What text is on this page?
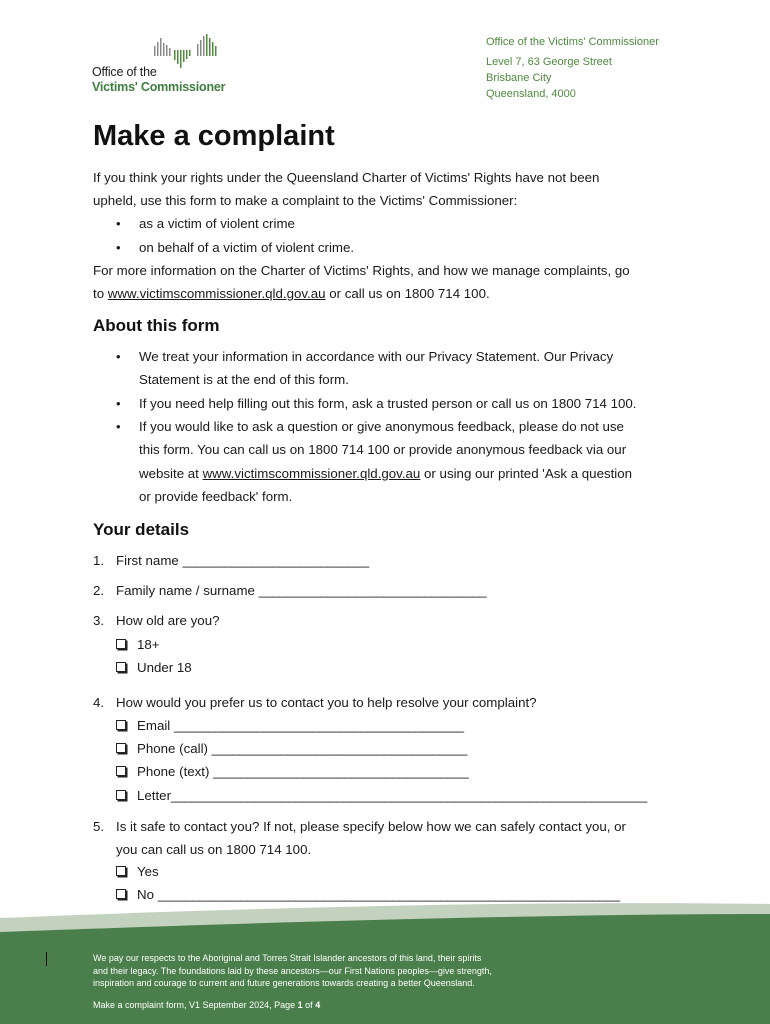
Office of the
Victims' Commissioner
Office of the Victims' Commissioner
Level 7, 63 George Street
Brisbane City
Queensland, 4000
Make a complaint

If you think your rights under the Queensland Charter of Victims' Rights have not been
upheld, use this form to make a complaint to the Victims' Commissioner:

• as a victim of violent crime

• on behalf of a victim of violent crime.

For more information on the Charter of Victims' Rights, and how we manage complaints, go
to www.victimscommissioner.qld.gov.au or call us on 1800 714 100.

About this form

• We treat your information in accordance with our Privacy Statement. Our Privacy
Statement is at the end of this form.

• If you need help filling out this form, ask a trusted person or call us on 1800 714 100.

• If you would like to ask a question or give anonymous feedback, please do not use
this form. You can call us on 1800 714 100 or provide anonymous feedback via our
website at www.victimscommissioner.qld.gov.au or using our printed 'Ask a question
or provide feedback' form.

Your details
1. First name ___________________________
2. Family name / surname _________________________________
3. How old are you?
18+
Under 18
4. How would you prefer us to contact you to help resolve your complaint?
Email __________________________________________
Phone (call) _____________________________________
Phone (text) _____________________________________
Letter_____________________________________________________________________
5. Is it safe to contact you? If not, please specify below how we can safely contact you, or
you can call us on 1800 714 100.
Yes
No ___________________________________________________________________
We pay our respects to the Aboriginal and Torres Strait Islander ancestors of this land, their spirits
and their legacy. The foundations laid by these ancestors—our First Nations peoples—give strength,
inspiration and courage to current and future generations towards creating a better Queensland.
Make a complaint form, V1 September 2024, Page 1 of 4
